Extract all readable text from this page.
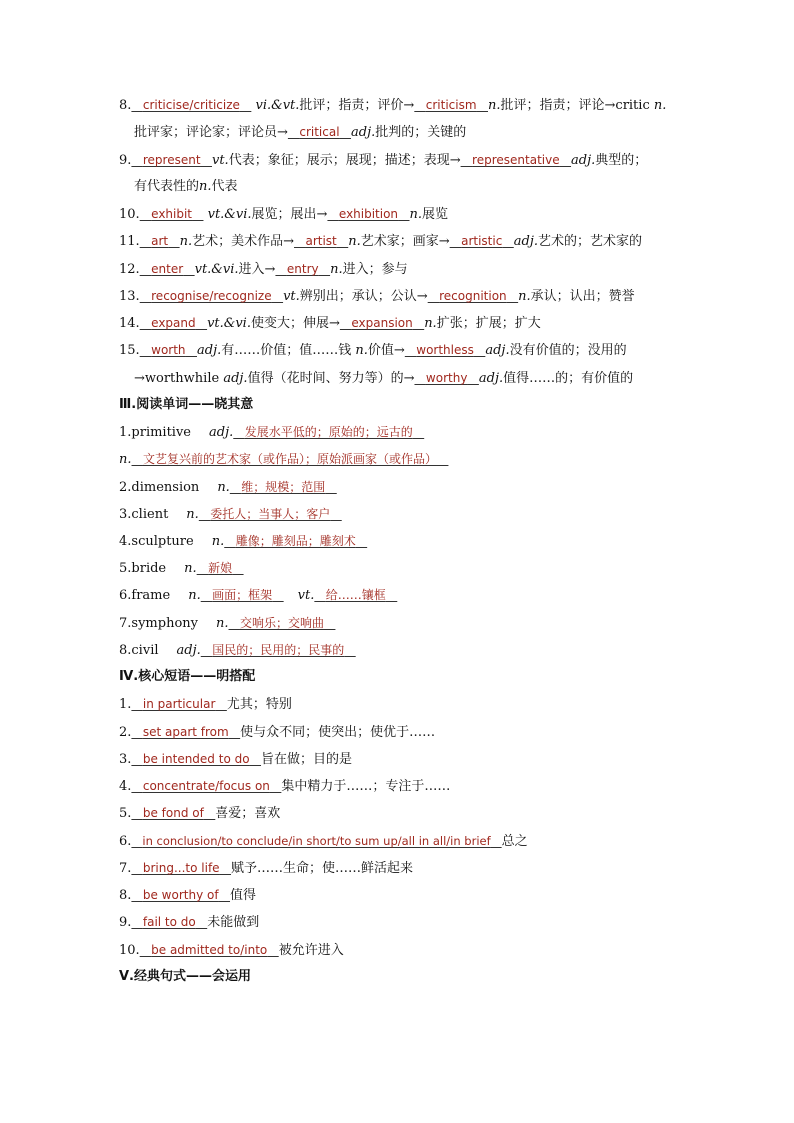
8. criticise/criticize vi.&vt.批评；指责；评价→ criticism n.批评；指责；评论→critic n.
批评家；评论家；评论员→ critical adj.批判的；关键的
9. represent vt.代表；象征；展示；展现；描述；表现→ representative adj.典型的；
有代表性的n.代表
10. exhibit vt.&vi.展览；展出→ exhibition n.展览
11. art n.艺术；美术作品→ artist n.艺术家；画家→ artistic adj.艺术的；艺术家的
12. enter vt.&vi.进入→ entry n.进入；参与
13. recognise/recognize vt.辨别出；承认；公认→ recognition n.承认；认出；赞誉
14. expand vt.&vi.使变大；伸展→ expansion n.扩张；扩展；扩大
15. worth adj.有……价值；值……钱 n.价值→ worthless adj.没有价值的；没用的
→worthwhile adj.值得（花时间、努力等）的→ worthy adj.值得……的；有价值的
Ⅲ.阅读单词——晓其意
1.primitive adj. 发展水平低的；原始的；远古的
n. 文艺复兴前的艺术家（或作品）；原始派画家（或作品）
2.dimension n. 维；规模；范围
3.client n. 委托人；当事人；客户
4.sculpture n. 雕像；雕刻品；雕刻术
5.bride n. 新娘
6.frame n. 画面；框架 vt. 给……镶框
7.symphony n. 交响乐；交响曲
8.civil adj. 国民的；民用的；民事的
Ⅳ.核心短语——明搭配
1. in particular 尤其；特别
2. set apart from 使与众不同；使突出；使优于……
3. be intended to do 旨在做；目的是
4. concentrate/focus on 集中精力于……；专注于……
5. be fond of 喜爱；喜欢
6. in conclusion/to conclude/in short/to sum up/all in all/in brief 总之
7. bring...to life 赋予……生命；使……鲜活起来
8. be worthy of 值得
9. fail to do 未能做到
10. be admitted to/into 被允许进入
Ⅴ.经典句式——会运用
